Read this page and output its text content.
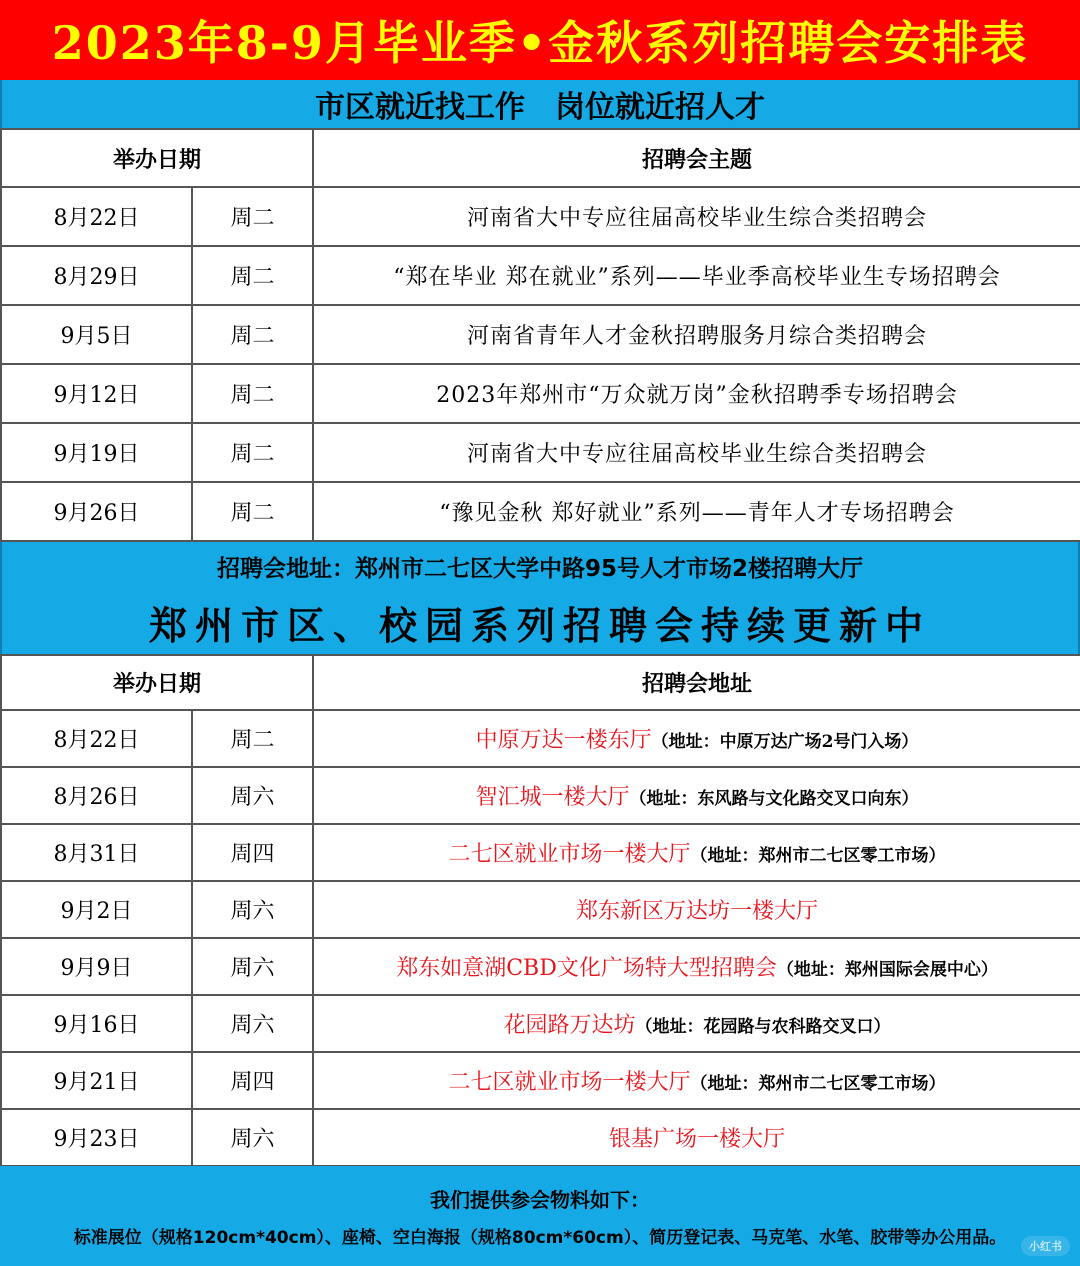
2023年8-9月毕业季•金秋系列招聘会安排表
市区就近找工作　岗位就近招人才
举办日期		招聘会主题
8月22日	周二	河南省大中专应往届高校毕业生综合类招聘会
8月29日	周二	“郑在毕业 郑在就业”系列——毕业季高校毕业生专场招聘会
9月5日	周二	河南省青年人才金秋招聘服务月综合类招聘会
9月12日	周二	2023年郑州市“万众就万岗”金秋招聘季专场招聘会
9月19日	周二	河南省大中专应往届高校毕业生综合类招聘会
9月26日	周二	“豫见金秋 郑好就业”系列——青年人才专场招聘会
招聘会地址：郑州市二七区大学中路95号人才市场2楼招聘大厅
郑州市区、校园系列招聘会持续更新中
举办日期		招聘会地址
8月22日	周二	中原万达一楼东厅（地址：中原万达广场2号门入场）
8月26日	周六	智汇城一楼大厅（地址：东风路与文化路交叉口向东）
8月31日	周四	二七区就业市场一楼大厅（地址：郑州市二七区零工市场）
9月2日	周六	郑东新区万达坊一楼大厅
9月9日	周六	郑东如意湖CBD文化广场特大型招聘会（地址：郑州国际会展中心）
9月16日	周六	花园路万达坊（地址：花园路与农科路交叉口）
9月21日	周四	二七区就业市场一楼大厅（地址：郑州市二七区零工市场）
9月23日	周六	银基广场一楼大厅
我们提供参会物料如下：
标准展位（规格120cm*40cm）、座椅、空白海报（规格80cm*60cm）、简历登记表、马克笔、水笔、胶带等办公用品。	小红书
